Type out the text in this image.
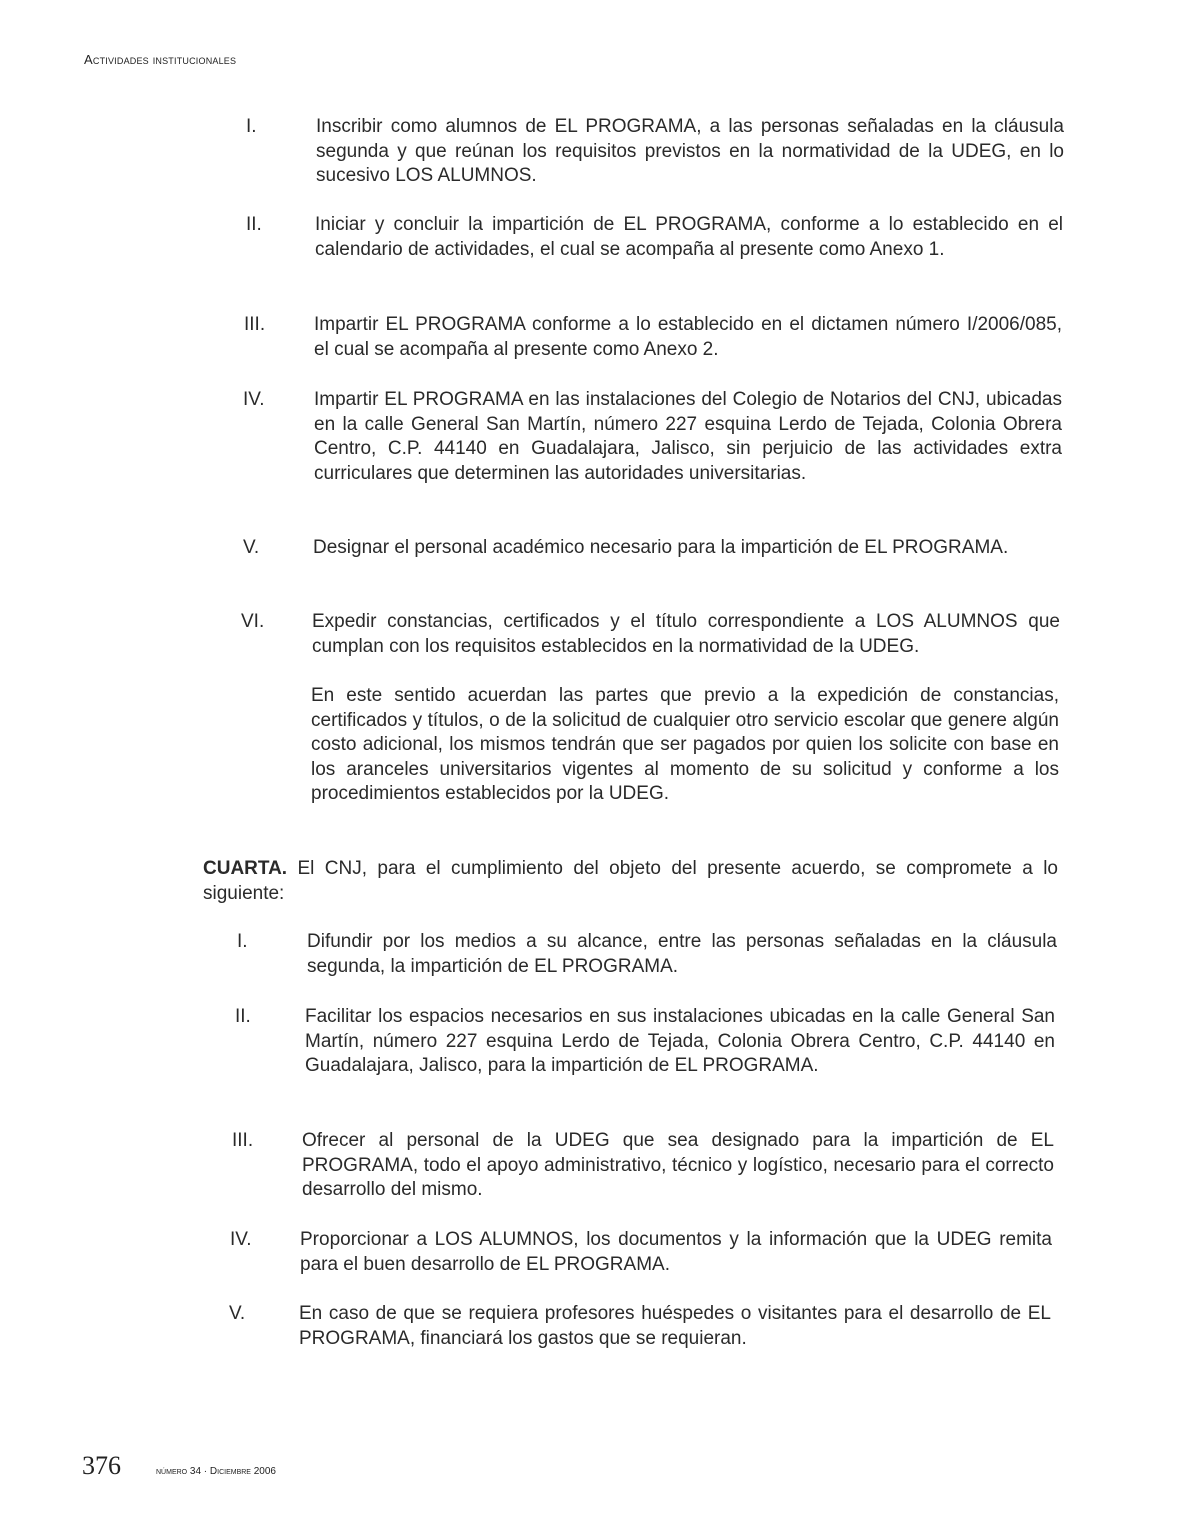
Actividades institucionales
I.	Inscribir como alumnos de EL PROGRAMA, a las personas señaladas en la cláusula segunda y que reúnan los requisitos previstos en la normatividad de la UDEG, en lo sucesivo LOS ALUMNOS.
II.	Iniciar y concluir la impartición de EL PROGRAMA, conforme a lo establecido en el calendario de actividades, el cual se acompaña al presente como Anexo 1.
III.	Impartir EL PROGRAMA conforme a lo establecido en el dictamen número I/2006/085, el cual se acompaña al presente como Anexo 2.
IV.	Impartir EL PROGRAMA en las instalaciones del Colegio de Notarios del CNJ, ubicadas en la calle General San Martín, número 227 esquina Lerdo de Tejada, Colonia Obrera Centro, C.P. 44140 en Guadalajara, Jalisco, sin perjuicio de las actividades extra curriculares que determinen las autoridades universitarias.
V.	Designar el personal académico necesario para la impartición de EL PROGRAMA.
VI.	Expedir constancias, certificados y el título correspondiente a LOS ALUMNOS que cumplan con los requisitos establecidos en la normatividad de la UDEG.
En este sentido acuerdan las partes que previo a la expedición de constancias, certificados y títulos, o de la solicitud de cualquier otro servicio escolar que genere algún costo adicional, los mismos tendrán que ser pagados por quien los solicite con base en los aranceles universitarios vigentes al momento de su solicitud y conforme a los procedimientos establecidos por la UDEG.
CUARTA. El CNJ, para el cumplimiento del objeto del presente acuerdo, se compromete a lo siguiente:
I.	Difundir por los medios a su alcance, entre las personas señaladas en la cláusula segunda, la impartición de EL PROGRAMA.
II.	Facilitar los espacios necesarios en sus instalaciones ubicadas en la calle General San Martín, número 227 esquina Lerdo de Tejada, Colonia Obrera Centro, C.P. 44140 en Guadalajara, Jalisco, para la impartición de EL PROGRAMA.
III.	Ofrecer al personal de la UDEG que sea designado para la impartición de EL PROGRAMA, todo el apoyo administrativo, técnico y logístico, necesario para el correcto desarrollo del mismo.
IV.	Proporcionar a LOS ALUMNOS, los documentos y la información que la UDEG remita para el buen desarrollo de EL PROGRAMA.
V.	En caso de que se requiera profesores huéspedes o visitantes para el desarrollo de EL PROGRAMA, financiará los gastos que se requieran.
376	número 34 · Diciembre 2006
